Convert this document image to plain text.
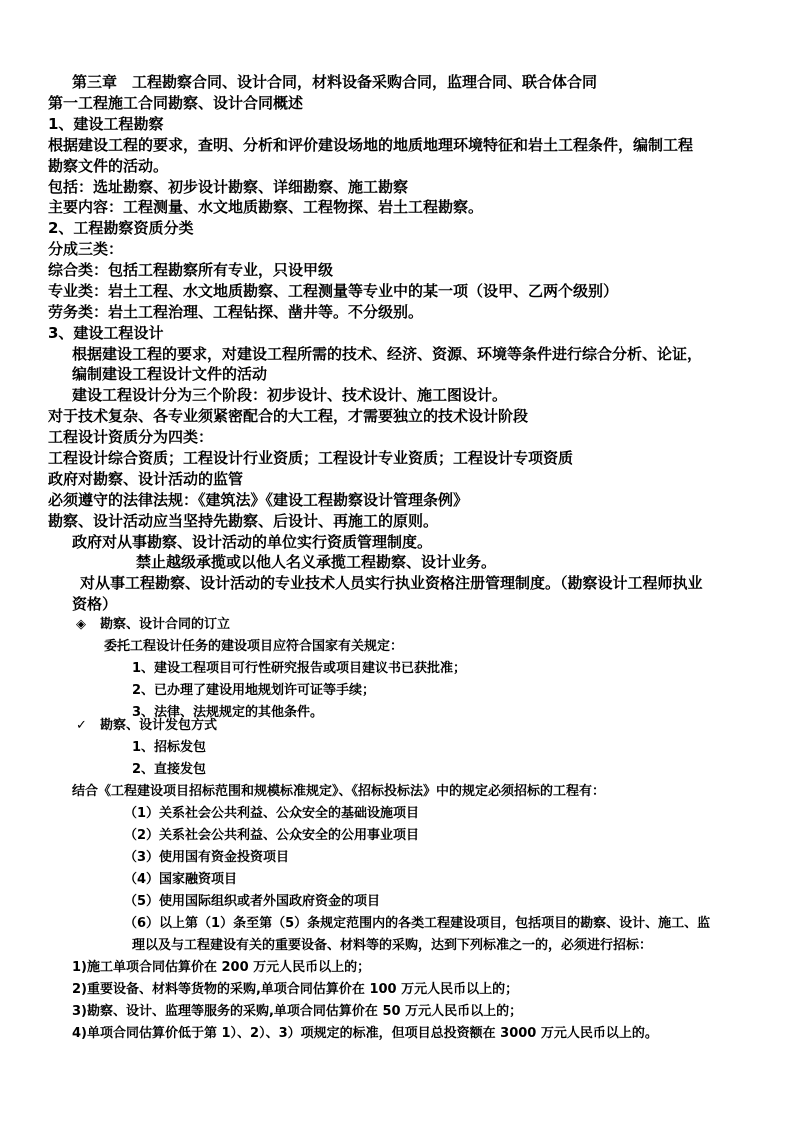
第三章　工程勘察合同、设计合同，材料设备采购合同，监理合同、联合体合同
第一工程施工合同勘察、设计合同概述
1、建设工程勘察
根据建设工程的要求，查明、分析和评价建设场地的地质地理环境特征和岩土工程条件，编制工程
勘察文件的活动。
包括：选址勘察、初步设计勘察、详细勘察、施工勘察
主要内容：工程测量、水文地质勘察、工程物探、岩土工程勘察。
2、工程勘察资质分类
分成三类：
综合类：包括工程勘察所有专业，只设甲级
专业类：岩土工程、水文地质勘察、工程测量等专业中的某一项（设甲、乙两个级别）
劳务类：岩土工程治理、工程钻探、凿井等。不分级别。
3、建设工程设计
根据建设工程的要求，对建设工程所需的技术、经济、资源、环境等条件进行综合分析、论证，
编制建设工程设计文件的活动
建设工程设计分为三个阶段：初步设计、技术设计、施工图设计。
对于技术复杂、各专业须紧密配合的大工程，才需要独立的技术设计阶段
工程设计资质分为四类：
工程设计综合资质；工程设计行业资质；工程设计专业资质；工程设计专项资质
政府对勘察、设计活动的监管
必须遵守的法律法规：《建筑法》《建设工程勘察设计管理条例》
勘察、设计活动应当坚持先勘察、后设计、再施工的原则。
政府对从事勘察、设计活动的单位实行资质管理制度。
禁止越级承揽或以他人名义承揽工程勘察、设计业务。
对从事工程勘察、设计活动的专业技术人员实行执业资格注册管理制度。（勘察设计工程师执业
资格）
◈ 勘察、设计合同的订立
委托工程设计任务的建设项目应符合国家有关规定：
1、建设工程项目可行性研究报告或项目建议书已获批准；
2、已办理了建设用地规划许可证等手续；
3、法律、法规规定的其他条件。
✓ 勘察、设计发包方式
1、招标发包
2、直接发包
结合《工程建设项目招标范围和规模标准规定》、《招标投标法》中的规定必须招标的工程有：
（1）关系社会公共利益、公众安全的基础设施项目
（2）关系社会公共利益、公众安全的公用事业项目
（3）使用国有资金投资项目
（4）国家融资项目
（5）使用国际组织或者外国政府资金的项目
（6）以上第（1）条至第（5）条规定范围内的各类工程建设项目，包括项目的勘察、设计、施工、监
理以及与工程建设有关的重要设备、材料等的采购，达到下列标准之一的，必须进行招标：
1)施工单项合同估算价在 200 万元人民币以上的；
2)重要设备、材料等货物的采购,单项合同估算价在 100 万元人民币以上的；
3)勘察、设计、监理等服务的采购,单项合同估算价在 50 万元人民币以上的；
4)单项合同估算价低于第 1）、2）、3）项规定的标准，但项目总投资额在 3000 万元人民币以上的。
